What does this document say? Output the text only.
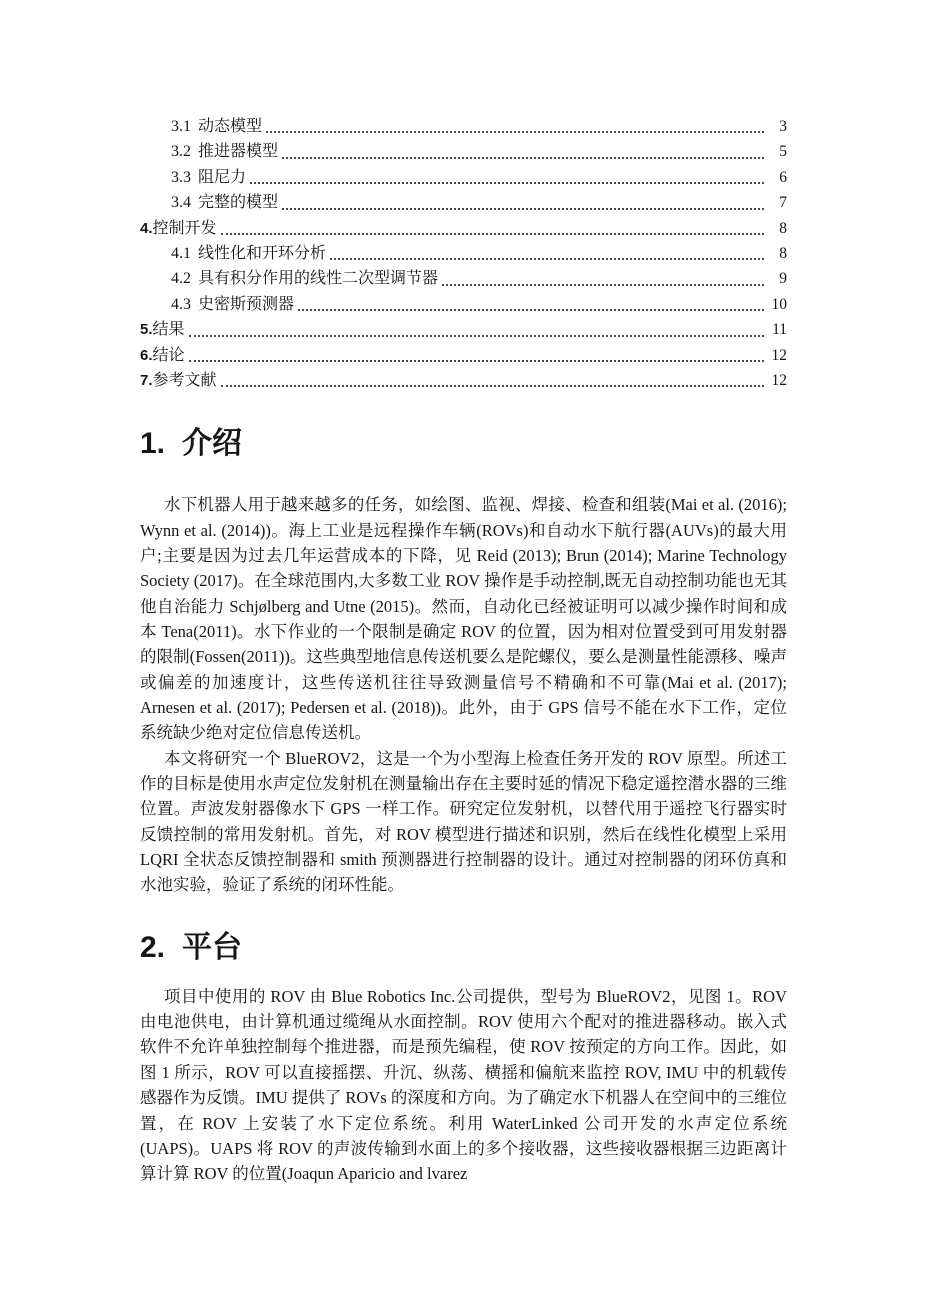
3.1 动态模型	3
3.2 推进器模型	5
3.3 阻尼力	6
3.4 完整的模型	7
4. 控制开发	8
4.1 线性化和开环分析	8
4.2 具有积分作用的线性二次型调节器	9
4.3 史密斯预测器	10
5. 结果	11
6. 结论	12
7. 参考文献	12
1. 介绍

水下机器人用于越来越多的任务，如绘图、监视、焊接、检查和组装(Mai et al. (2016); Wynn et al. (2014))。海上工业是远程操作车辆(ROVs)和自动水下航行器(AUVs)的最大用户;主要是因为过去几年运营成本的下降，见 Reid (2013); Brun (2014); Marine Technology Society (2017)。在全球范围内,大多数工业 ROV 操作是手动控制,既无自动控制功能也无其他自治能力 Schjølberg and Utne (2015)。然而，自动化已经被证明可以减少操作时间和成本 Tena(2011)。水下作业的一个限制是确定 ROV 的位置，因为相对位置受到可用发射器的限制(Fossen(2011))。这些典型地信息传送机要么是陀螺仪，要么是测量性能漂移、噪声或偏差的加速度计，这些传送机往往导致测量信号不精确和不可靠(Mai et al. (2017); Arnesen et al. (2017); Pedersen et al. (2018))。此外，由于 GPS 信号不能在水下工作，定位系统缺少绝对定位信息传送机。

本文将研究一个 BlueROV2，这是一个为小型海上检查任务开发的 ROV 原型。所述工作的目标是使用水声定位发射机在测量输出存在主要时延的情况下稳定遥控潜水器的三维位置。声波发射器像水下 GPS 一样工作。研究定位发射机，以替代用于遥控飞行器实时反馈控制的常用发射机。首先，对 ROV 模型进行描述和识别，然后在线性化模型上采用 LQRI 全状态反馈控制器和 smith 预测器进行控制器的设计。通过对控制器的闭环仿真和水池实验，验证了系统的闭环性能。

2. 平台

项目中使用的 ROV 由 Blue Robotics Inc.公司提供，型号为 BlueROV2，见图 1。ROV 由电池供电，由计算机通过缆绳从水面控制。ROV 使用六个配对的推进器移动。嵌入式软件不允许单独控制每个推进器，而是预先编程，使 ROV 按预定的方向工作。因此，如图 1 所示，ROV 可以直接摇摆、升沉、纵荡、横摇和偏航来监控 ROV, IMU 中的机载传感器作为反馈。IMU 提供了 ROVs 的深度和方向。为了确定水下机器人在空间中的三维位置，在 ROV 上安装了水下定位系统。利用 WaterLinked 公司开发的水声定位系统(UAPS)。UAPS 将 ROV 的声波传输到水面上的多个接收器，这些接收器根据三边距离计算计算 ROV 的位置(Joaqun Aparicio and lvarez
